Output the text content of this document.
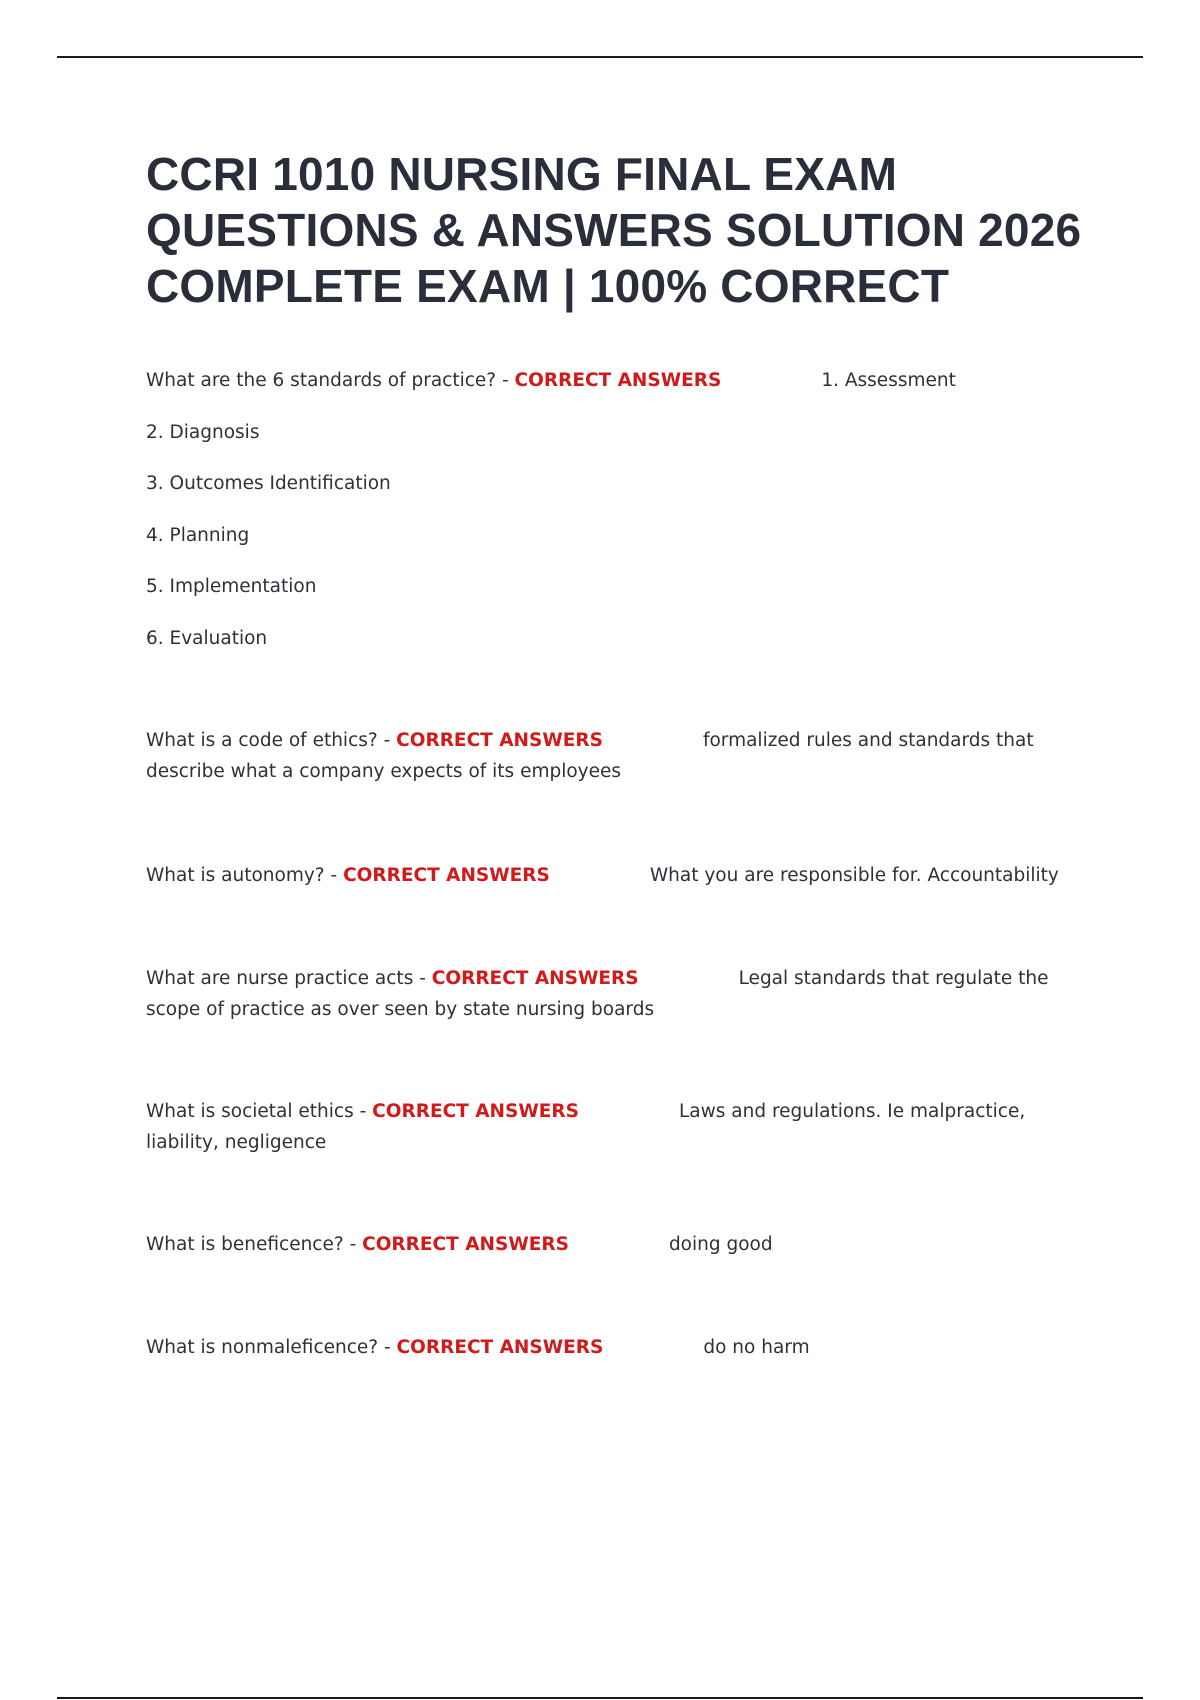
CCRI 1010 NURSING FINAL EXAM QUESTIONS & ANSWERS SOLUTION 2026 COMPLETE EXAM | 100% CORRECT
What are the 6 standards of practice? - CORRECT ANSWERS	1. Assessment
2. Diagnosis
3. Outcomes Identification
4. Planning
5. Implementation
6. Evaluation
What is a code of ethics? - CORRECT ANSWERS	formalized rules and standards that describe what a company expects of its employees
What is autonomy? - CORRECT ANSWERS	What you are responsible for. Accountability
What are nurse practice acts - CORRECT ANSWERS	Legal standards that regulate the scope of practice as over seen by state nursing boards
What is societal ethics - CORRECT ANSWERS	Laws and regulations. Ie malpractice, liability, negligence
What is beneficence? - CORRECT ANSWERS	doing good
What is nonmaleficence? - CORRECT ANSWERS	do no harm
